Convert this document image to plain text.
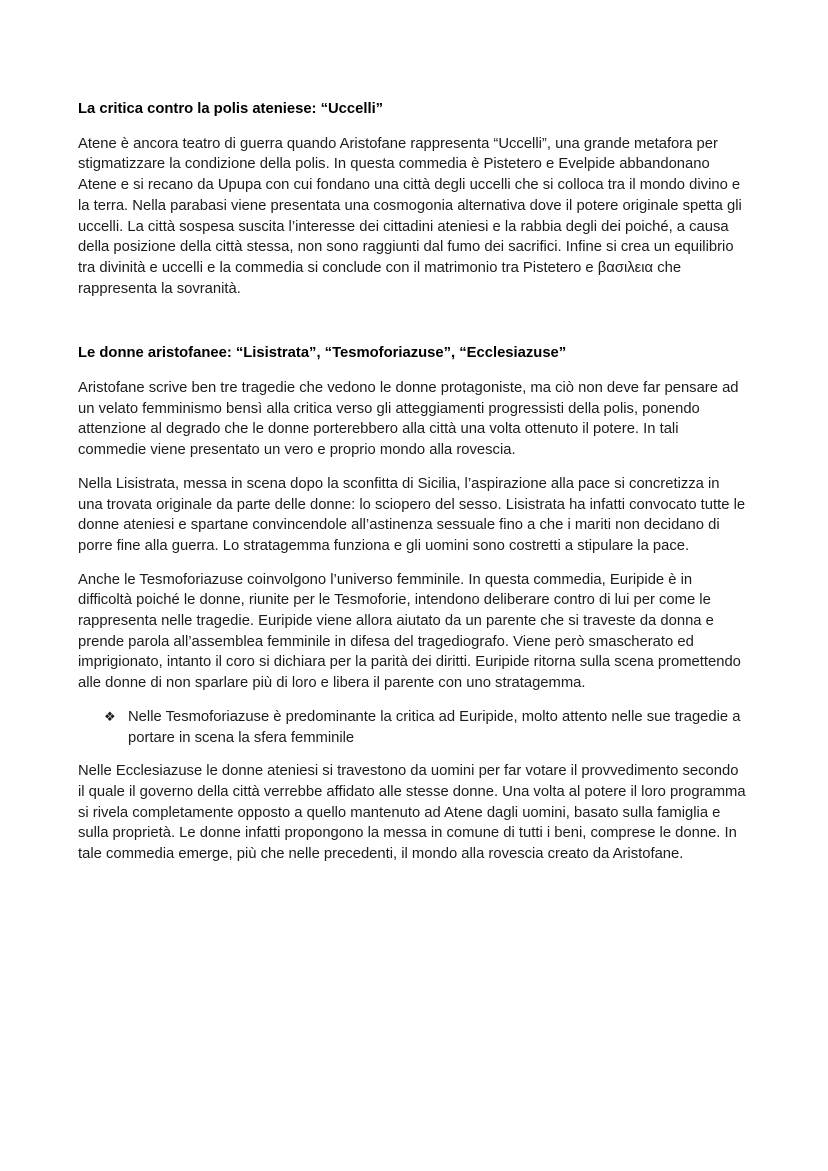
La critica contro la polis ateniese: “Uccelli”

Atene è ancora teatro di guerra quando Aristofane rappresenta “Uccelli”, una grande metafora per stigmatizzare la condizione della polis. In questa commedia è Pistetero e Evelpide abbandonano Atene e si recano da Upupa con cui fondano una città degli uccelli che si colloca tra il mondo divino e la terra. Nella parabasi viene presentata una cosmogonia alternativa dove il potere originale spetta gli uccelli. La città sospesa suscita l’interesse dei cittadini ateniesi e la rabbia degli dei poiché, a causa della posizione della città stessa, non sono raggiunti dal fumo dei sacrifici. Infine si crea un equilibrio tra divinità e uccelli e la commedia si conclude con il matrimonio tra Pistetero e βασιλεια che rappresenta la sovranità.

Le donne aristofanee: “Lisistrata”, “Tesmoforiazuse”, “Ecclesiazuse”

Aristofane scrive ben tre tragedie che vedono le donne protagoniste, ma ciò non deve far pensare ad un velato femminismo bensì alla critica verso gli atteggiamenti progressisti della polis, ponendo attenzione al degrado che le donne porterebbero alla città una volta ottenuto il potere. In tali commedie viene presentato un vero e proprio mondo alla rovescia.

Nella Lisistrata, messa in scena dopo la sconfitta di Sicilia, l’aspirazione alla pace si concretizza in una trovata originale da parte delle donne: lo sciopero del sesso. Lisistrata ha infatti convocato tutte le donne ateniesi e spartane convincendole all’astinenza sessuale fino a che i mariti non decidano di porre fine alla guerra. Lo stratagemma funziona e gli uomini sono costretti a stipulare la pace.

Anche le Tesmoforiazuse coinvolgono l’universo femminile. In questa commedia, Euripide è in difficoltà poiché le donne, riunite per le Tesmoforie, intendono deliberare contro di lui per come le rappresenta nelle tragedie. Euripide viene allora aiutato da un parente che si traveste da donna e prende parola all’assemblea femminile in difesa del tragediografo. Viene però smascherato ed imprigionato, intanto il coro si dichiara per la parità dei diritti. Euripide ritorna sulla scena promettendo alle donne di non sparlare più di loro e libera il parente con uno stratagemma.

❖ Nelle Tesmoforiazuse è predominante la critica ad Euripide, molto attento nelle sue tragedie a portare in scena la sfera femminile

Nelle Ecclesiazuse le donne ateniesi si travestono da uomini per far votare il provvedimento secondo il quale il governo della città verrebbe affidato alle stesse donne. Una volta al potere il loro programma si rivela completamente opposto a quello mantenuto ad Atene dagli uomini, basato sulla famiglia e sulla proprietà. Le donne infatti propongono la messa in comune di tutti i beni, comprese le donne. In tale commedia emerge, più che nelle precedenti, il mondo alla rovescia creato da Aristofane.
